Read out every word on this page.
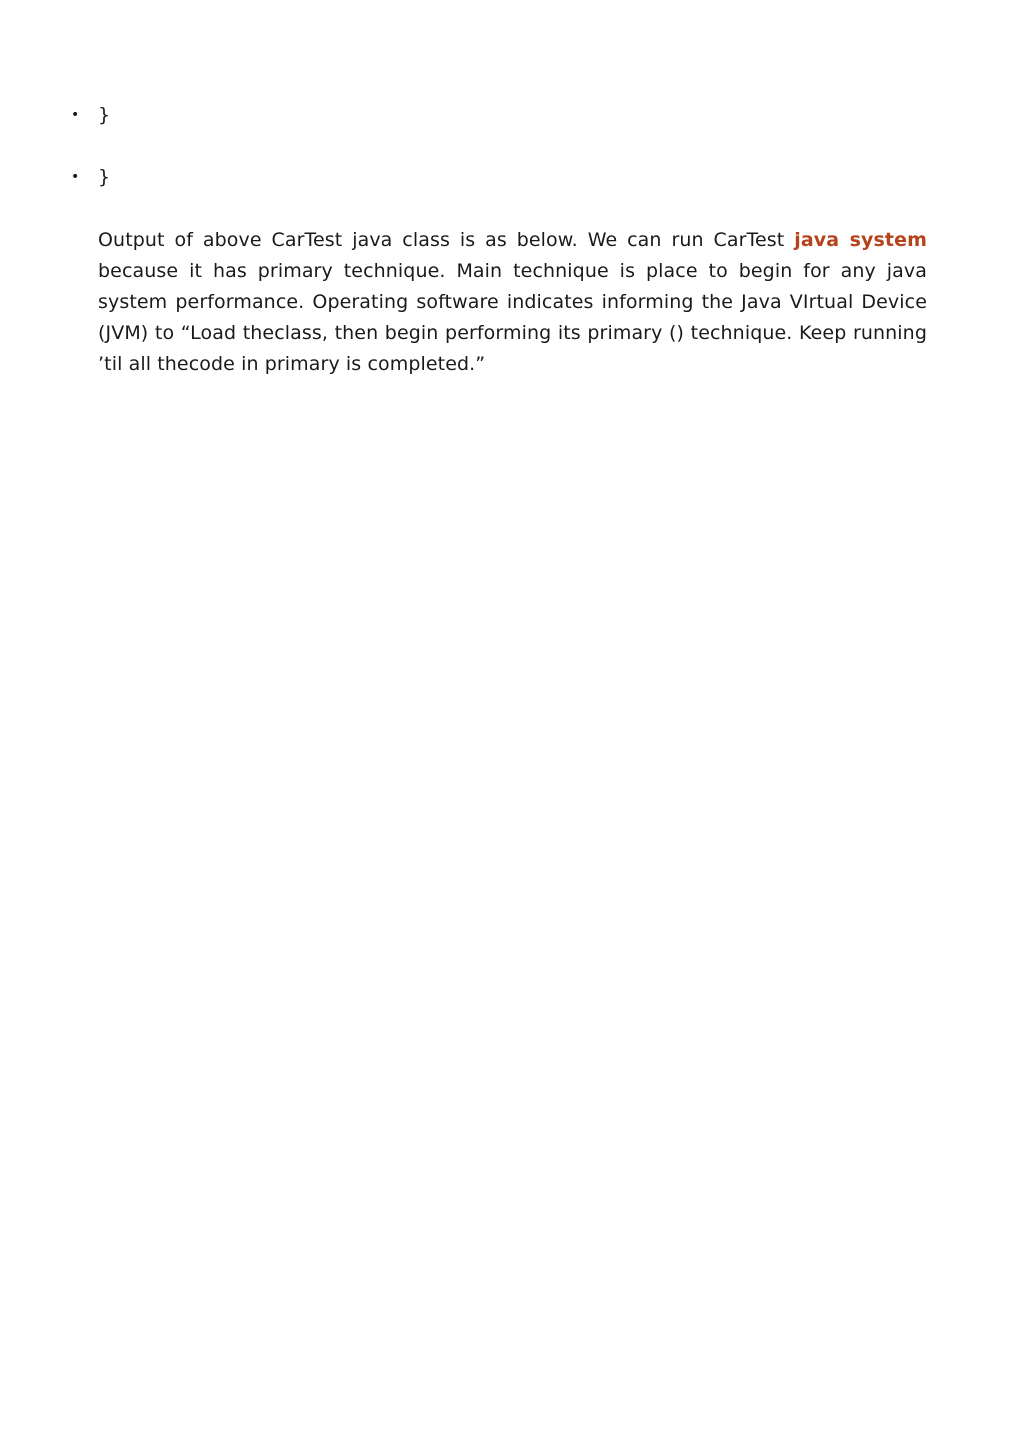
• }
• }

Output of above CarTest java class is as below. We can run CarTest java system because it has primary technique. Main technique is place to begin for any java system performance. Operating software indicates informing the Java VIrtual Device (JVM) to “Load theclass, then begin performing its primary () technique. Keep running ’til all thecode in primary is completed.”
